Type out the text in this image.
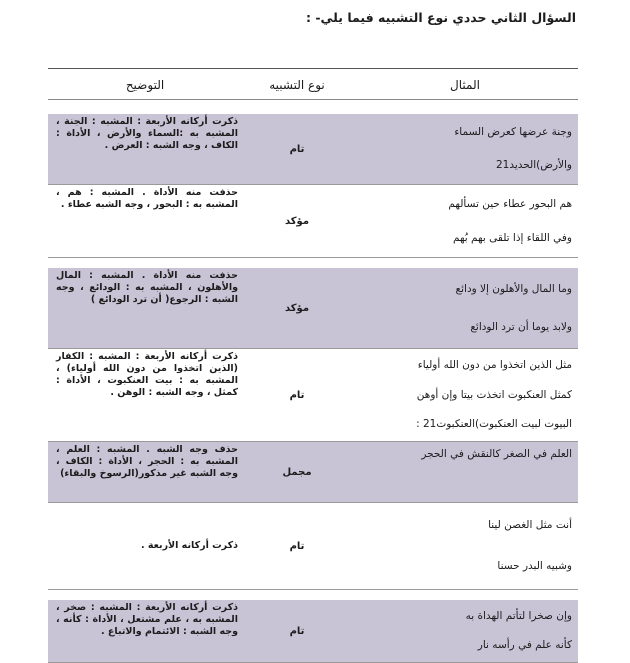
السؤال الثاني حددي نوع التشبيه فيما يلي- :
المثال
نوع التشبيه
التوضيح
وجنة عرضها كعرض السماء
والأرض)الحديد21
تام
ذكرت أركانه الأربعة : المشبه : الجنة ، المشبه به :السماء والأرض ، الأداة : الكاف ، وجه الشبه : العرض .
هم البحور عطاء حين تسألهم
وفي اللقاء إذا تلقى بهم بُهم
مؤكد
حذفت منه الأداة . المشبه : هم ، المشبه به : البحور ، وجه الشبه عطاء .
وما المال والأهلون إلا ودائع
ولابد يوما أن ترد الودائع
مؤكد
حذفت منه الأداة . المشبه : المال والأهلون ، المشبه به : الودائع ، وجه الشبه : الرجوع( أن ترد الودائع )
مثل الذين اتخذوا من دون الله أولياء
كمثل العنكبوت اتخذت بيتا وإن أوهن
البيوت لبيت العنكبوت)العنكبوت21 :
تام
ذكرت أركانه الأربعة : المشبه : الكفار (الذين اتخذوا من دون الله أولياء) ، المشبه به : بيت العنكبوت ، الأداة : كمثل ، وجه الشبه : الوهن .
العلم في الصغر كالنقش في الحجر
مجمل
حذف وجه الشبه . المشبه : العلم ، المشبه به : الحجر ، الأداة : الكاف ، وجه الشبه غير مذكور(الرسوخ والبقاء)
أنت مثل الغصن لينا
وشبيه البدر حسنا
تام
ذكرت أركانه الأربعة .
وإن صخرا لتأتم الهداة به
كأنه علم في رأسه نار
تام
ذكرت أركانه الأربعة : المشبه : صخر ، المشبه به ، علم مشتعل ، الأداة : كأنه ، وجه الشبه : الائتمام والاتباع .
